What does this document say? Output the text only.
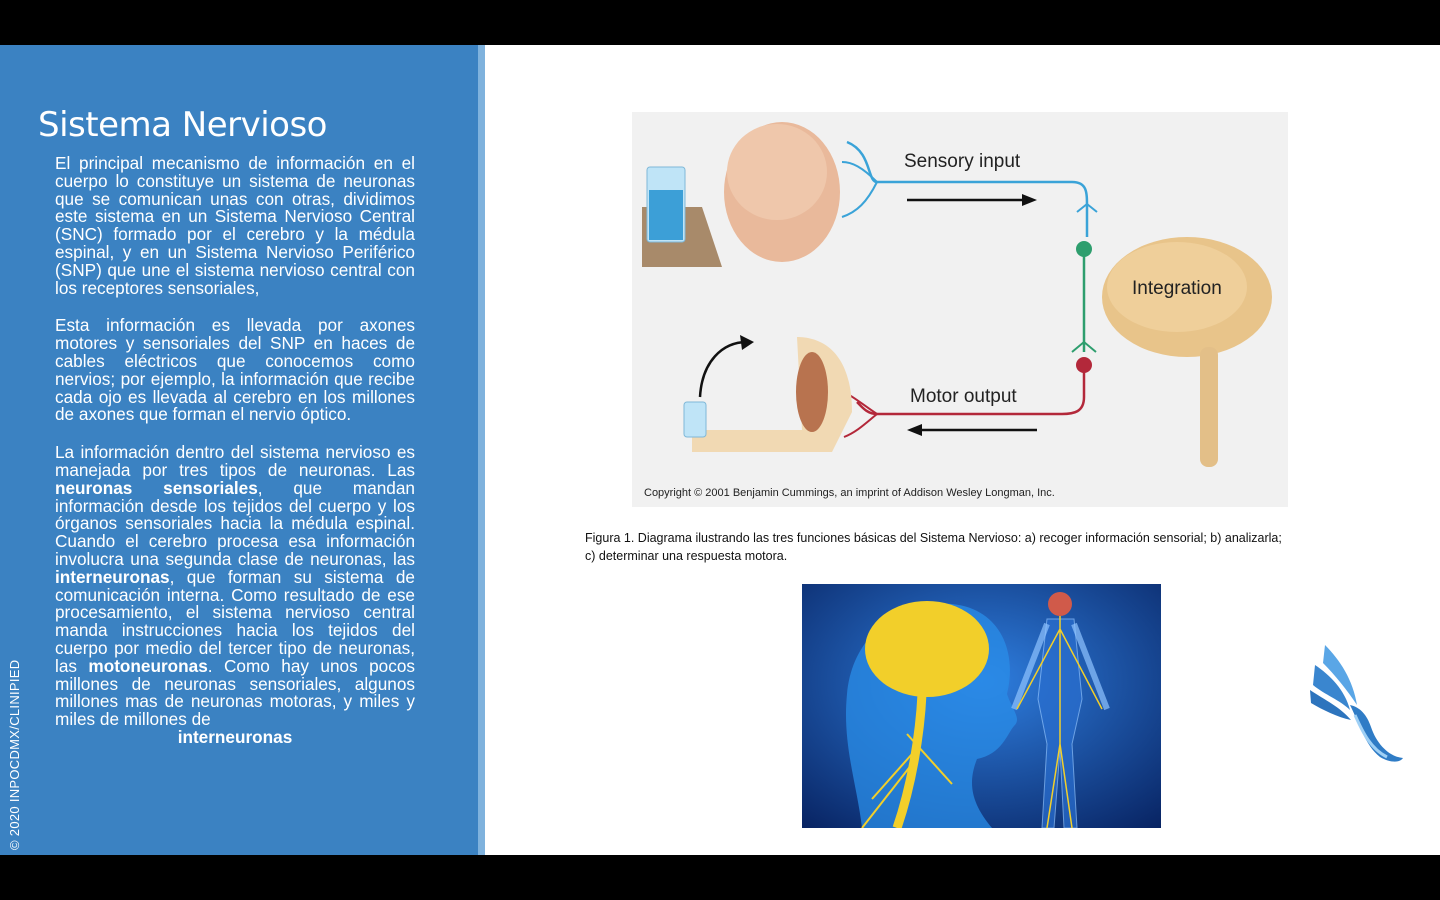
Sistema Nervioso

El principal mecanismo de información en el cuerpo lo constituye un sistema de neuronas que se comunican unas con otras, dividimos este sistema en un Sistema Nervioso Central (SNC) formado por el cerebro y la médula espinal, y en un Sistema Nervioso Periférico (SNP) que une el sistema nervioso central con los receptores sensoriales,

Esta información es llevada por axones motores y sensoriales del SNP en haces de cables eléctricos que conocemos como nervios; por ejemplo, la información que recibe cada ojo es llevada al cerebro en los millones de axones que forman el nervio óptico.

La información dentro del sistema nervioso es manejada por tres tipos de neuronas. Las neuronas sensoriales, que mandan información desde los tejidos del cuerpo y los órganos sensoriales hacia la médula espinal. Cuando el cerebro procesa esa información involucra una segunda clase de neuronas, las interneuronas, que forman su sistema de comunicación interna. Como resultado de ese procesamiento, el sistema nervioso central manda instrucciones hacia los tejidos del cuerpo por medio del tercer tipo de neuronas, las motoneuronas. Como hay unos pocos millones de neuronas sensoriales, algunos millones mas de neuronas motoras, y miles y miles de millones de
interneuronas

© 2020 INPOCDMX/CLINIPIED
Sensory input
Integration
Motor output
Copyright © 2001 Benjamin Cummings, an imprint of Addison Wesley Longman, Inc.
Figura 1. Diagrama ilustrando las tres funciones básicas del Sistema Nervioso: a) recoger información sensorial; b) analizarla; c) determinar una respuesta motora.
